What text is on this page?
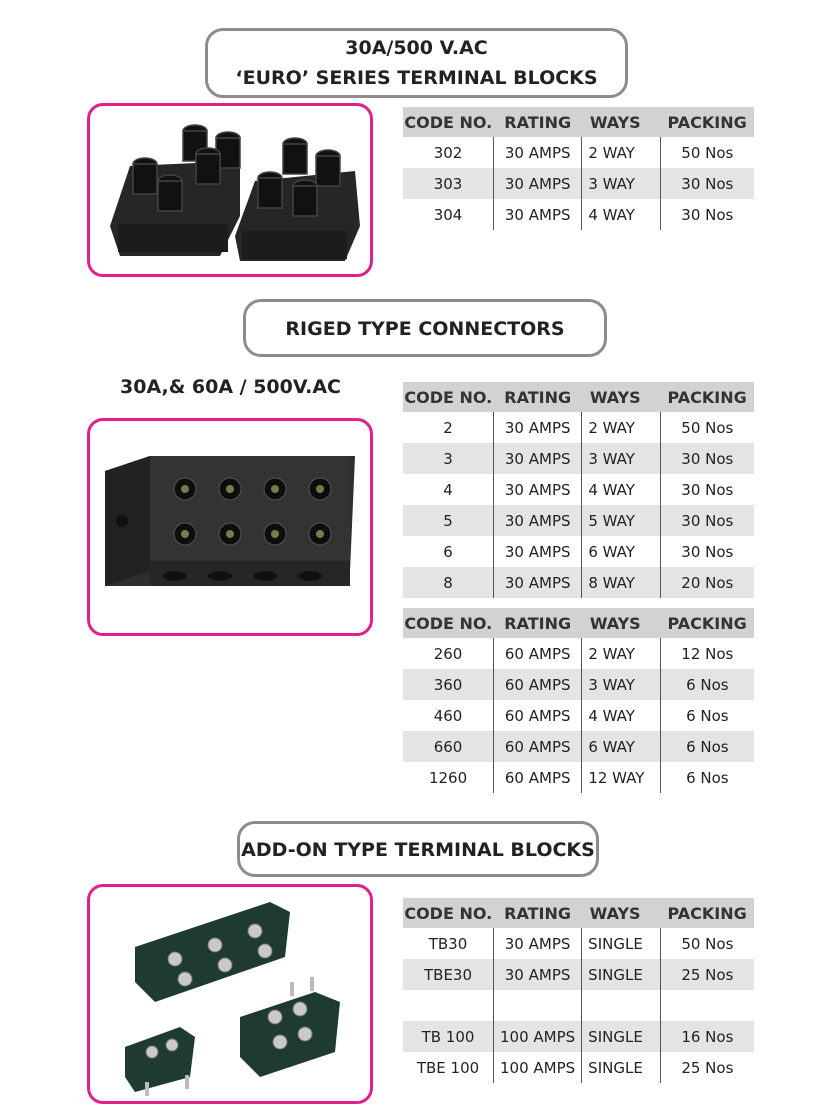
30A/500 V.AC
‘EURO’ SERIES TERMINAL BLOCKS
CODE NO.	RATING	WAYS	PACKING
302	30 AMPS	2 WAY	50 Nos
303	30 AMPS	3 WAY	30 Nos
304	30 AMPS	4 WAY	30 Nos
RIGED TYPE CONNECTORS
30A,& 60A / 500V.AC	CODE NO.	RATING	WAYS	PACKING
2	30 AMPS	2 WAY	50 Nos
3	30 AMPS	3 WAY	30 Nos
4	30 AMPS	4 WAY	30 Nos
5	30 AMPS	5 WAY	30 Nos
6	30 AMPS	6 WAY	30 Nos
8	30 AMPS	8 WAY	20 Nos
CODE NO.	RATING	WAYS	PACKING
260	60 AMPS	2 WAY	12 Nos
360	60 AMPS	3 WAY	6 Nos
460	60 AMPS	4 WAY	6 Nos
660	60 AMPS	6 WAY	6 Nos
1260	60 AMPS	12 WAY	6 Nos
ADD-ON TYPE TERMINAL BLOCKS
CODE NO.	RATING	WAYS	PACKING
TB30	30 AMPS	SINGLE	50 Nos
TBE30	30 AMPS	SINGLE	25 Nos

TB 100	100 AMPS	SINGLE	16 Nos
TBE 100	100 AMPS	SINGLE	25 Nos
